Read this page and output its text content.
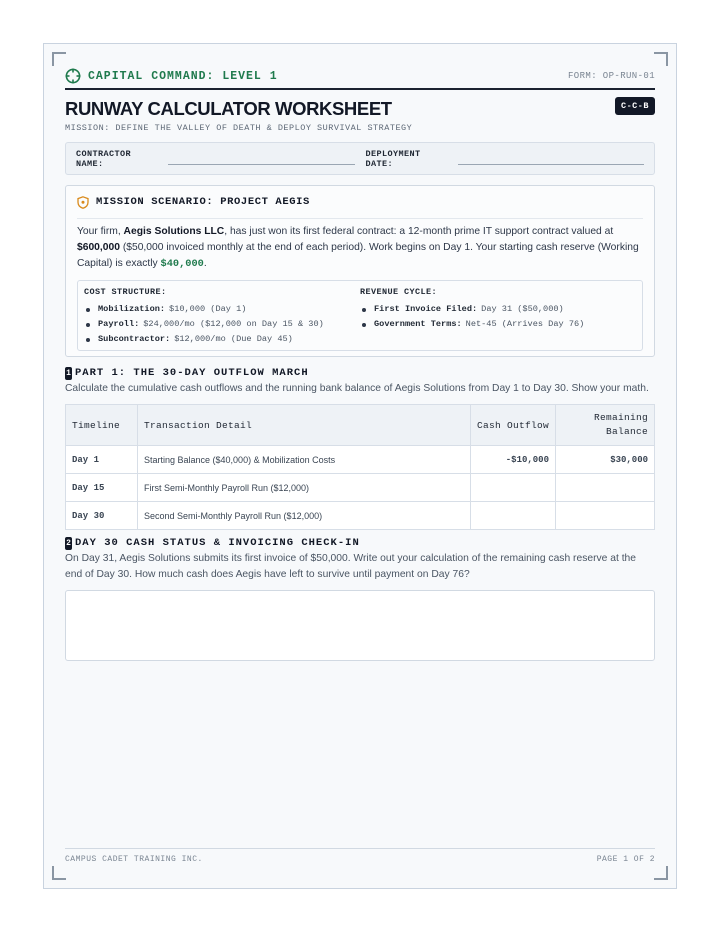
CAPITAL COMMAND: LEVEL 1	FORM: OP-RUN-01
RUNWAY CALCULATOR WORKSHEET	C-C-B
MISSION: DEFINE THE VALLEY OF DEATH & DEPLOY SURVIVAL STRATEGY
CONTRACTOR NAME:
DEPLOYMENT DATE:
MISSION SCENARIO: PROJECT AEGIS

Your firm, Aegis Solutions LLC, has just won its first federal contract: a 12-month prime IT support contract valued at $600,000 ($50,000 invoiced monthly at the end of each period). Work begins on Day 1. Your starting cash reserve (Working Capital) is exactly $40,000.

COST STRUCTURE:
Mobilization: $10,000 (Day 1)
Payroll: $24,000/mo ($12,000 on Day 15 & 30)
Subcontractor: $12,000/mo (Due Day 45)
REVENUE CYCLE:
First Invoice Filed: Day 31 ($50,000)
Government Terms: Net-45 (Arrives Day 76)
1 PART 1: THE 30-DAY OUTFLOW MARCH
Calculate the cumulative cash outflows and the running bank balance of Aegis Solutions from Day 1 to Day 30. Show your math.
Timeline	Transaction Detail	Cash Outflow	Remaining Balance
Day 1	Starting Balance ($40,000) & Mobilization Costs	-$10,000	$30,000
Day 15	First Semi-Monthly Payroll Run ($12,000)		
Day 30	Second Semi-Monthly Payroll Run ($12,000)		
2 DAY 30 CASH STATUS & INVOICING CHECK-IN
On Day 31, Aegis Solutions submits its first invoice of $50,000. Write out your calculation of the remaining cash reserve at the end of Day 30. How much cash does Aegis have left to survive until payment on Day 76?
CAMPUS CADET TRAINING INC.	PAGE 1 OF 2
